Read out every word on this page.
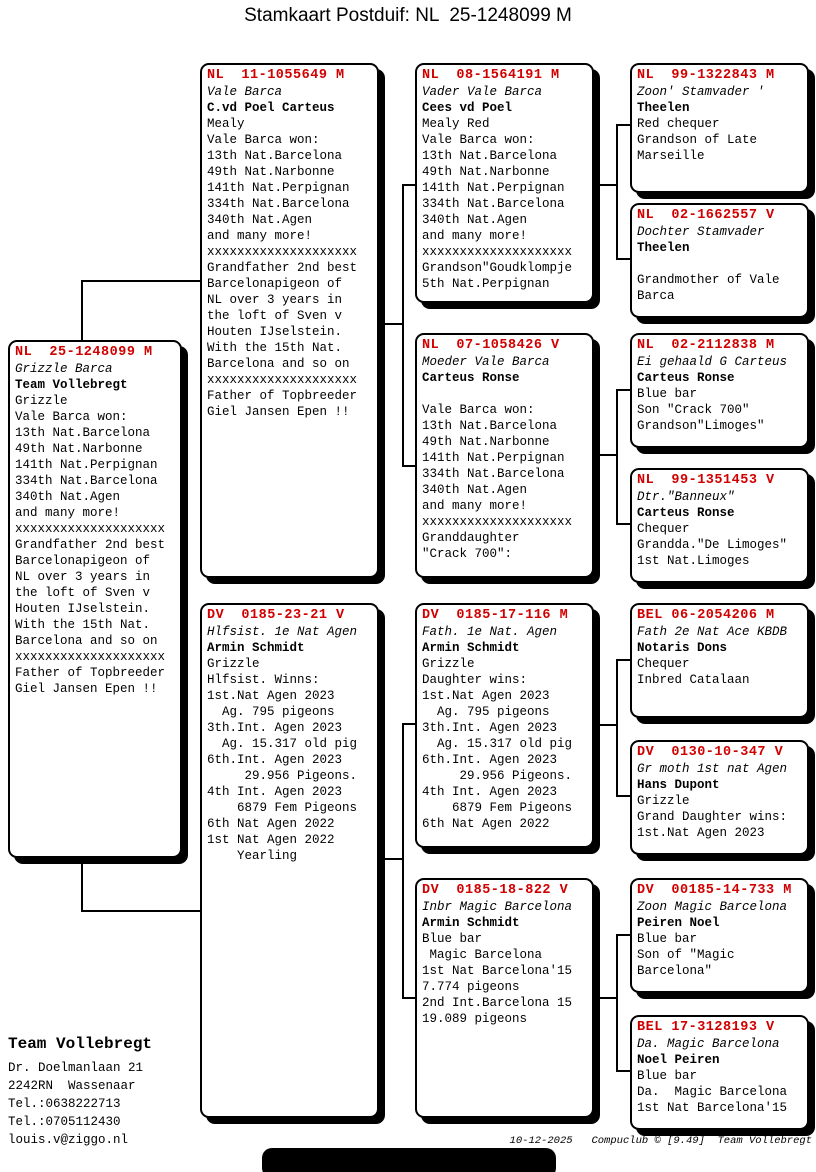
Stamkaart Postduif: NL  25-1248099 M
NL  25-1248099 M
Grizzle Barca
Team Vollebregt
Grizzle
Vale Barca won:
13th Nat.Barcelona
49th Nat.Narbonne
141th Nat.Perpignan
334th Nat.Barcelona
340th Nat.Agen
and many more!
xxxxxxxxxxxxxxxxxxxx
Grandfather 2nd best
Barcelonapigeon of
NL over 3 years in
the loft of Sven v
Houten IJselstein.
With the 15th Nat.
Barcelona and so on
xxxxxxxxxxxxxxxxxxxx
Father of Topbreeder
Giel Jansen Epen !!
NL  11-1055649 M
Vale Barca
C.vd Poel Carteus
Mealy
Vale Barca won:
13th Nat.Barcelona
49th Nat.Narbonne
141th Nat.Perpignan
334th Nat.Barcelona
340th Nat.Agen
and many more!
xxxxxxxxxxxxxxxxxxxx
Grandfather 2nd best
Barcelonapigeon of
NL over 3 years in
the loft of Sven v
Houten IJselstein.
With the 15th Nat.
Barcelona and so on
xxxxxxxxxxxxxxxxxxxx
Father of Topbreeder
Giel Jansen Epen !!
DV  0185-23-21 V
Hlfsist. 1e Nat Agen
Armin Schmidt
Grizzle
Hlfsist. Winns:
1st.Nat Agen 2023
Ag. 795 pigeons
3th.Int. Agen 2023
Ag. 15.317 old pig
6th.Int. Agen 2023
29.956 Pigeons.
4th Int. Agen 2023
6879 Fem Pigeons
6th Nat Agen 2022
1st Nat Agen 2022
Yearling
NL  08-1564191 M
Vader Vale Barca
Cees vd Poel
Mealy Red
Vale Barca won:
13th Nat.Barcelona
49th Nat.Narbonne
141th Nat.Perpignan
334th Nat.Barcelona
340th Nat.Agen
and many more!
xxxxxxxxxxxxxxxxxxxx
Grandson"Goudklompje
5th Nat.Perpignan
NL  07-1058426 V
Moeder Vale Barca
Carteus Ronse

Vale Barca won:
13th Nat.Barcelona
49th Nat.Narbonne
141th Nat.Perpignan
334th Nat.Barcelona
340th Nat.Agen
and many more!
xxxxxxxxxxxxxxxxxxxx
Granddaughter
"Crack 700":
DV  0185-17-116 M
Fath. 1e Nat. Agen
Armin Schmidt
Grizzle
Daughter wins:
1st.Nat Agen 2023
Ag. 795 pigeons
3th.Int. Agen 2023
Ag. 15.317 old pig
6th.Int. Agen 2023
29.956 Pigeons.
4th Int. Agen 2023
6879 Fem Pigeons
6th Nat Agen 2022
DV  0185-18-822 V
Inbr Magic Barcelona
Armin Schmidt
Blue bar
Magic Barcelona
1st Nat Barcelona'15
7.774 pigeons
2nd Int.Barcelona 15
19.089 pigeons
NL  99-1322843 M
Zoon' Stamvader '
Theelen
Red chequer
Grandson of Late
Marseille
NL  02-1662557 V
Dochter Stamvader
Theelen

Grandmother of Vale
Barca
NL  02-2112838 M
Ei gehaald G Carteus
Carteus Ronse
Blue bar
Son "Crack 700"
Grandson"Limoges"
NL  99-1351453 V
Dtr."Banneux"
Carteus Ronse
Chequer
Grandda."De Limoges"
1st Nat.Limoges
BEL 06-2054206 M
Fath 2e Nat Ace KBDB
Notaris Dons
Chequer
Inbred Catalaan
DV  0130-10-347 V
Gr moth 1st nat Agen
Hans Dupont
Grizzle
Grand Daughter wins:
1st.Nat Agen 2023
DV  00185-14-733 M
Zoon Magic Barcelona
Peiren Noel
Blue bar
Son of "Magic
Barcelona"
BEL 17-3128193 V
Da. Magic Barcelona
Noel Peiren
Blue bar
Da.  Magic Barcelona
1st Nat Barcelona'15
Team Vollebregt
Dr. Doelmanlaan 21
2242RN  Wassenaar
Tel.:0638222713
Tel.:0705112430
louis.v@ziggo.nl	10-12-2025   Compuclub © [9.49]  Team Vollebregt
